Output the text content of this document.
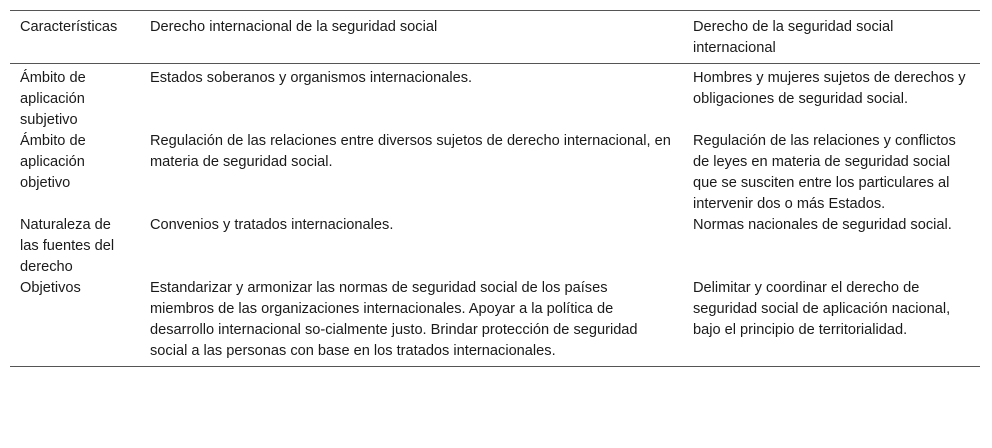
Características	Derecho internacional de la seguridad social	Derecho de la seguridad social internacional
Ámbito de aplicación subjetivo	Estados soberanos y organismos internacionales.	Hombres y mujeres sujetos de derechos y obligaciones de seguridad social.
Ámbito de aplicación objetivo	Regulación de las relaciones entre diversos sujetos de derecho internacional, en materia de seguridad social.	Regulación de las relaciones y conflictos de leyes en materia de seguridad social que se susciten entre los particulares al intervenir dos o más Estados.
Naturaleza de las fuentes del derecho	Convenios y tratados internacionales.	Normas nacionales de seguridad social.
Objetivos	Estandarizar y armonizar las normas de seguridad social de los países miembros de las organizaciones internacionales. Apoyar a la política de desarrollo internacional so-cialmente justo. Brindar protección de seguridad social a las personas con base en los tratados internacionales.	Delimitar y coordinar el derecho de seguridad social de aplicación nacional, bajo el principio de territorialidad.
